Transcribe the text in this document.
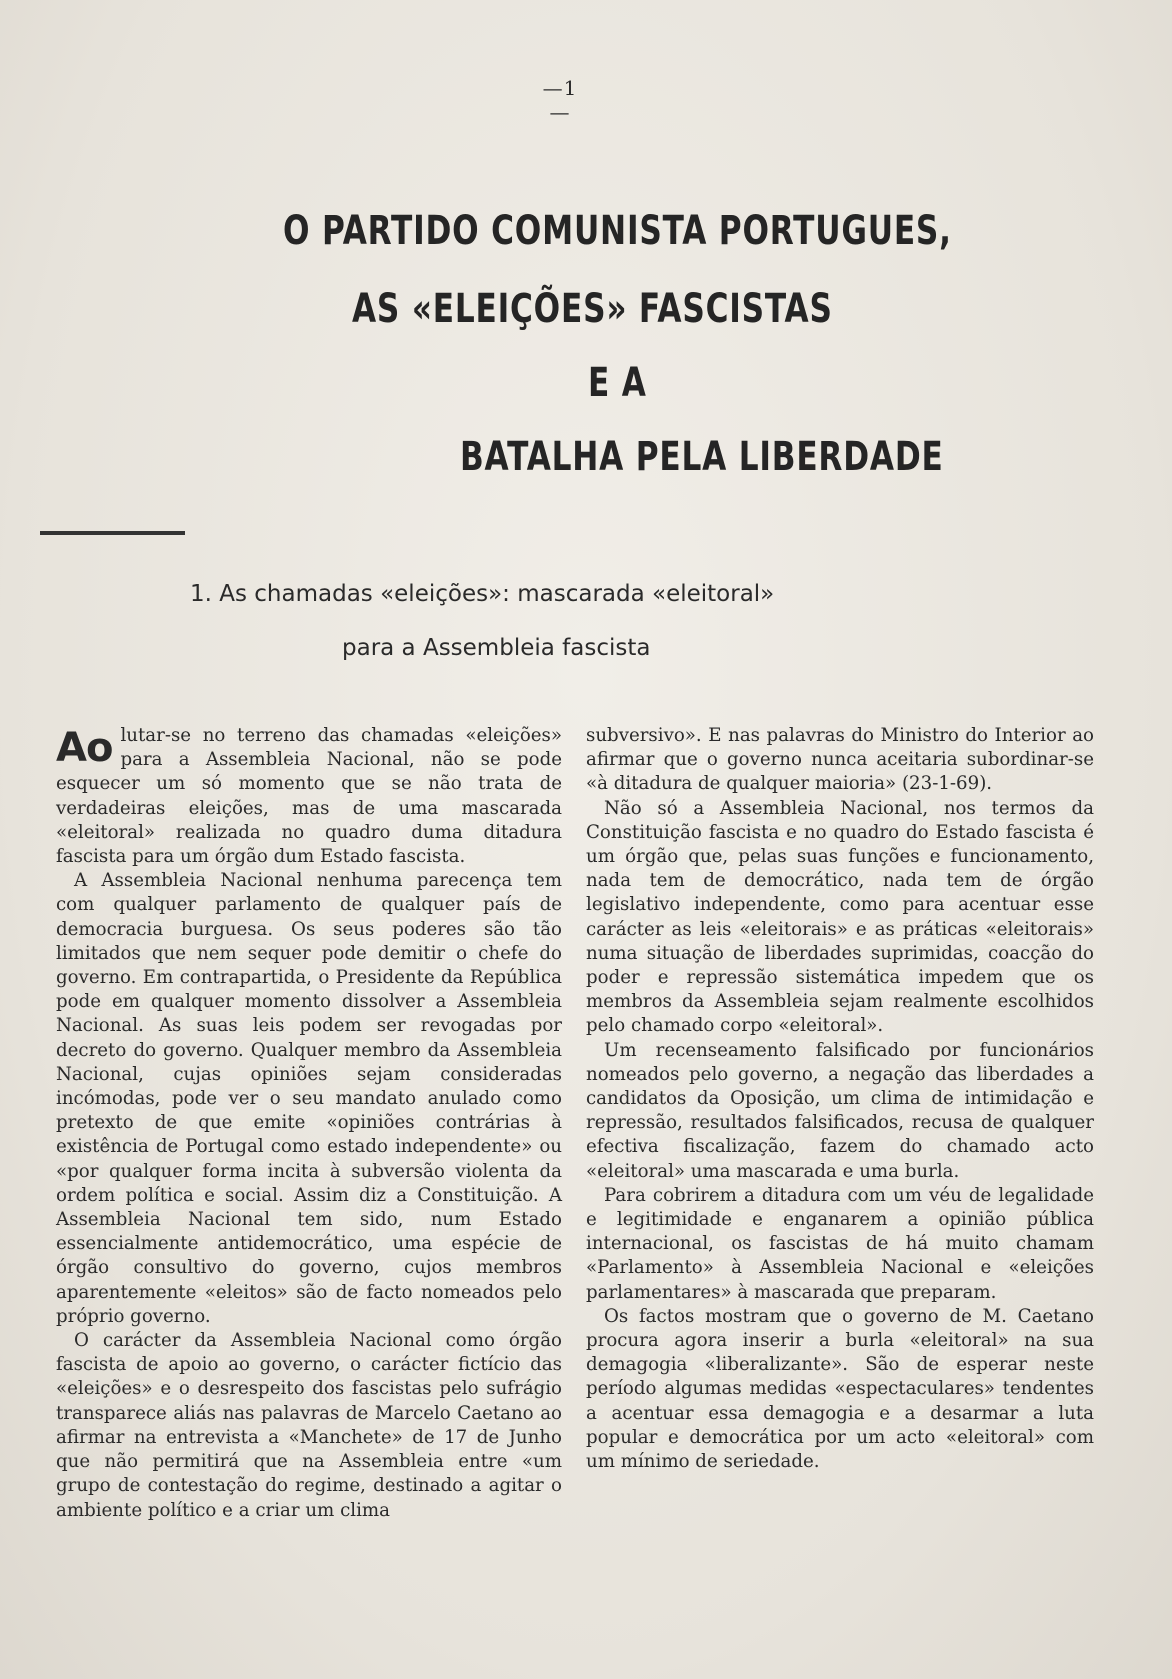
—1—
O PARTIDO COMUNISTA PORTUGUES,
AS «ELEIÇÕES» FASCISTAS
E A
BATALHA PELA LIBERDADE
1. As chamadas «eleições»: mascarada «eleitoral»
para a Assembleia fascista

Ao lutar-se no terreno das chamadas «eleições» para a Assembleia Nacional, não se pode esquecer um só momento que se não trata de verdadeiras eleições, mas de uma mascarada «eleitoral» realizada no quadro duma ditadura fascista para um órgão dum Estado fascista.

A Assembleia Nacional nenhuma parecença tem com qualquer parlamento de qualquer país de democracia burguesa. Os seus poderes são tão limitados que nem sequer pode demitir o chefe do governo. Em contrapartida, o Presidente da República pode em qualquer momento dissolver a Assembleia Nacional. As suas leis podem ser revogadas por decreto do governo. Qualquer membro da Assembleia Nacional, cujas opiniões sejam consideradas incómodas, pode ver o seu mandato anulado como pretexto de que emite «opiniões contrárias à existência de Portugal como estado independente» ou «por qualquer forma incita à subversão violenta da ordem política e social. Assim diz a Constituição. A Assembleia Nacional tem sido, num Estado essencialmente antidemocrático, uma espécie de órgão consultivo do governo, cujos membros aparentemente «eleitos» são de facto nomeados pelo próprio governo.

O carácter da Assembleia Nacional como órgão fascista de apoio ao governo, o carácter fictício das «eleições» e o desrespeito dos fascistas pelo sufrágio transparece aliás nas palavras de Marcelo Caetano ao afirmar na entrevista a «Manchete» de 17 de Junho que não permitirá que na Assembleia entre «um grupo de contestação do regime, destinado a agitar o ambiente político e a criar um clima

subversivo». E nas palavras do Ministro do Interior ao afirmar que o governo nunca aceitaria subordinar-se «à ditadura de qualquer maioria» (23-1-69).

Não só a Assembleia Nacional, nos termos da Constituição fascista e no quadro do Estado fascista é um órgão que, pelas suas funções e funcionamento, nada tem de democrático, nada tem de órgão legislativo independente, como para acentuar esse carácter as leis «eleitorais» e as práticas «eleitorais» numa situação de liberdades suprimidas, coacção do poder e repressão sistemática impedem que os membros da Assembleia sejam realmente escolhidos pelo chamado corpo «eleitoral».

Um recenseamento falsificado por funcionários nomeados pelo governo, a negação das liberdades a candidatos da Oposição, um clima de intimidação e repressão, resultados falsificados, recusa de qualquer efectiva fiscalização, fazem do chamado acto «eleitoral» uma mascarada e uma burla.

Para cobrirem a ditadura com um véu de legalidade e legitimidade e enganarem a opinião pública internacional, os fascistas de há muito chamam «Parlamento» à Assembleia Nacional e «eleições parlamentares» à mascarada que preparam.

Os factos mostram que o governo de M. Caetano procura agora inserir a burla «eleitoral» na sua demagogia «liberalizante». São de esperar neste período algumas medidas «espectaculares» tendentes a acentuar essa demagogia e a desarmar a luta popular e democrática por um acto «eleitoral» com um mínimo de seriedade.
